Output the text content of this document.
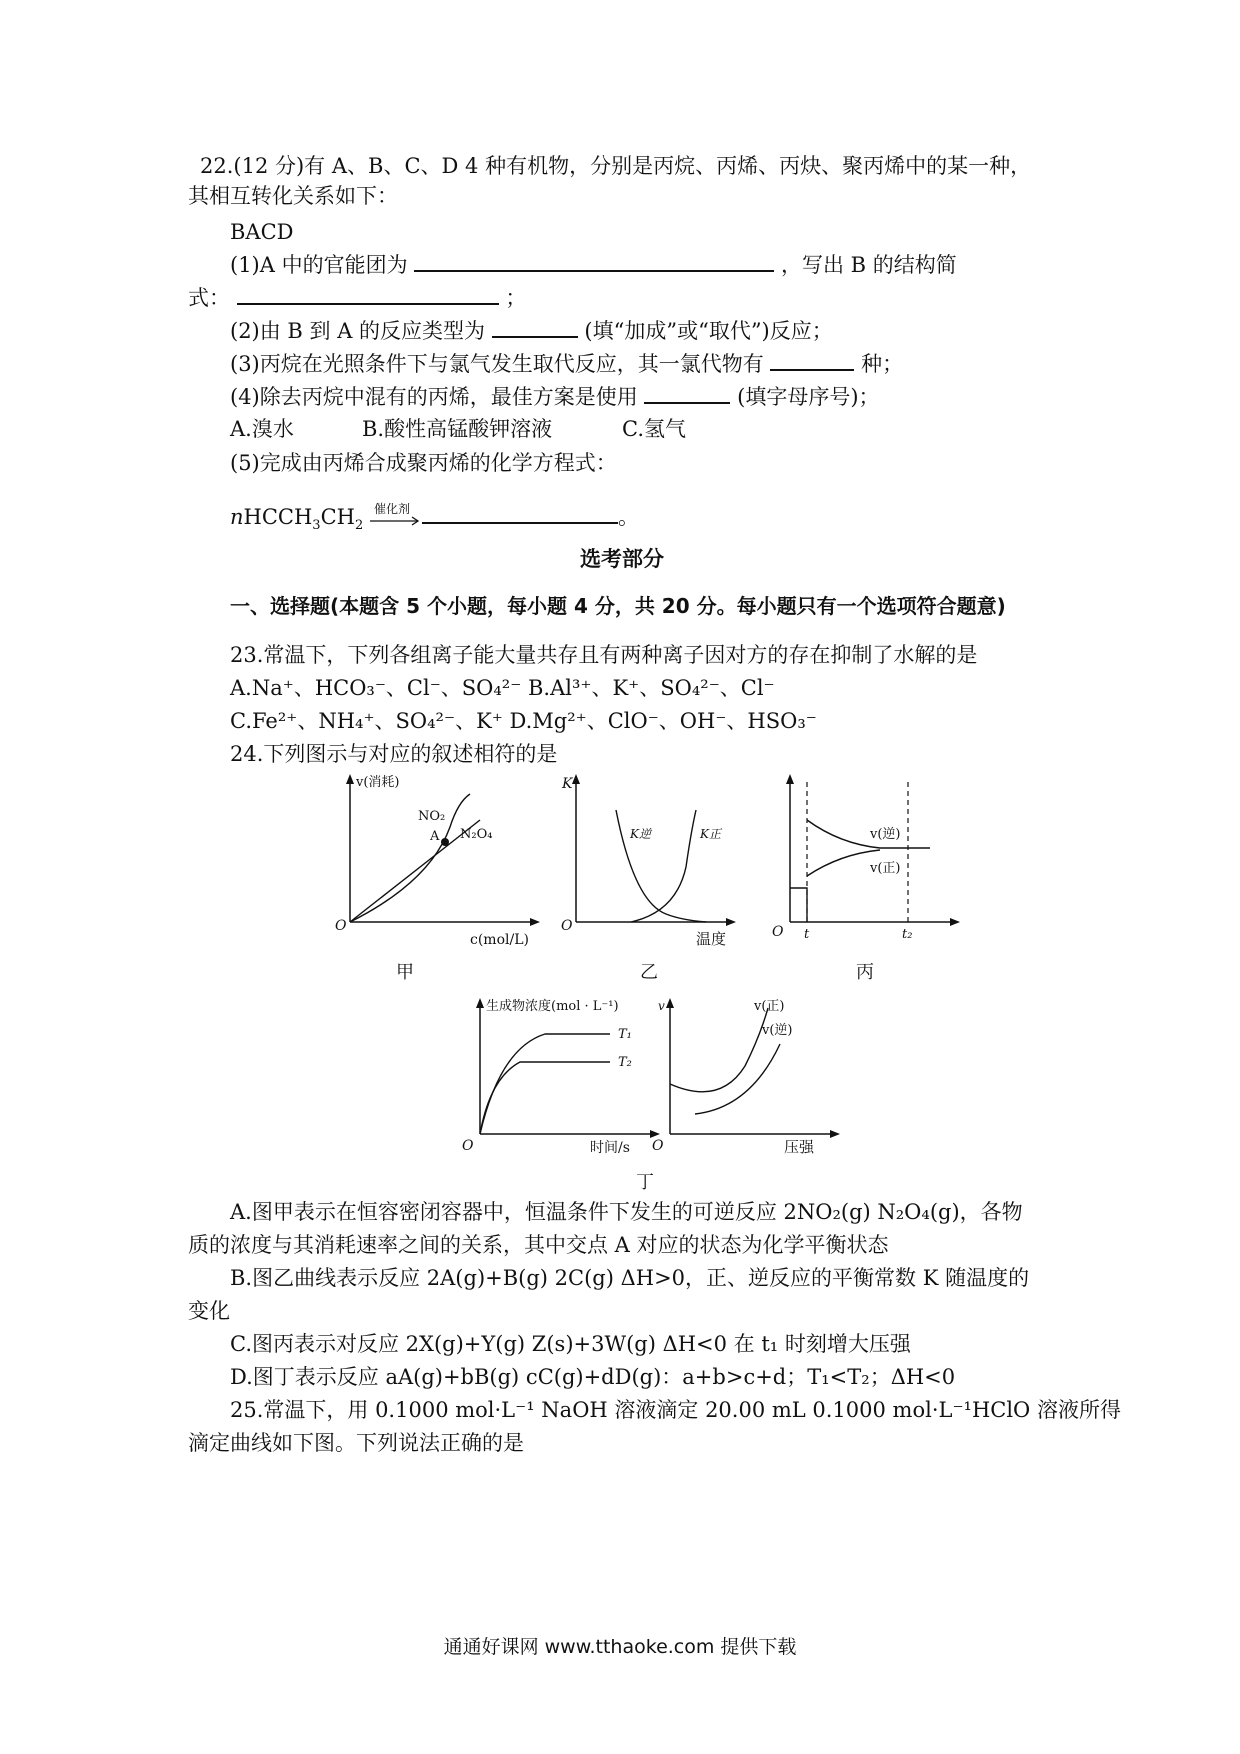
22.(12 分)有 A、B、C、D 4 种有机物，分别是丙烷、丙烯、丙炔、聚丙烯中的某一种，
其相互转化关系如下：
BACD
(1)A 中的官能团为	，写出 B 的结构简
式：	；
(2)由 B 到 A 的反应类型为	(填“加成”或“取代”)反应；
(3)丙烷在光照条件下与氯气发生取代反应，其一氯代物有	种；
(4)除去丙烷中混有的丙烯，最佳方案是使用	(填字母序号)；
A.溴水	B.酸性高锰酸钾溶液	C.氢气
(5)完成由丙烯合成聚丙烯的化学方程式：
$nHCCH_3CH_2$
催化剂	。
选考部分
一、选择题(本题含 5 个小题，每小题 4 分，共 20 分。每小题只有一个选项符合题意)
23.常温下，下列各组离子能大量共存且有两种离子因对方的存在抑制了水解的是
A.Na⁺、HCO₃⁻、Cl⁻、SO₄²⁻ B.Al³⁺、K⁺、SO₄²⁻、Cl⁻
C.Fe²⁺、NH₄⁺、SO₄²⁻、K⁺ D.Mg²⁺、ClO⁻、OH⁻、HSO₃⁻
24.下列图示与对应的叙述相符的是
v(消耗)
NO₂
N₂O₄
A
O
c(mol/L)
甲
K
K逆	K正
O
温度
乙
v(逆)
v(正)
O t	t₂
丙
生成物浓度(mol · L⁻¹)
T₁
T₂
O	时间/s
v	v(正)
v(逆)
O	压强
丁
A.图甲表示在恒容密闭容器中，恒温条件下发生的可逆反应 2NO₂(g) N₂O₄(g)，各物
质的浓度与其消耗速率之间的关系，其中交点 A 对应的状态为化学平衡状态
B.图乙曲线表示反应 2A(g)+B(g) 2C(g) ΔH>0，正、逆反应的平衡常数 K 随温度的
变化
C.图丙表示对反应 2X(g)+Y(g) Z(s)+3W(g) ΔH<0 在 t₁ 时刻增大压强
D.图丁表示反应 aA(g)+bB(g) cC(g)+dD(g)：a+b>c+d；T₁<T₂；ΔH<0
25.常温下，用 0.1000 mol·L⁻¹ NaOH 溶液滴定 20.00 mL 0.1000 mol·L⁻¹HClO 溶液所得
滴定曲线如下图。下列说法正确的是
通通好课网 www.tthaoke.com 提供下载
